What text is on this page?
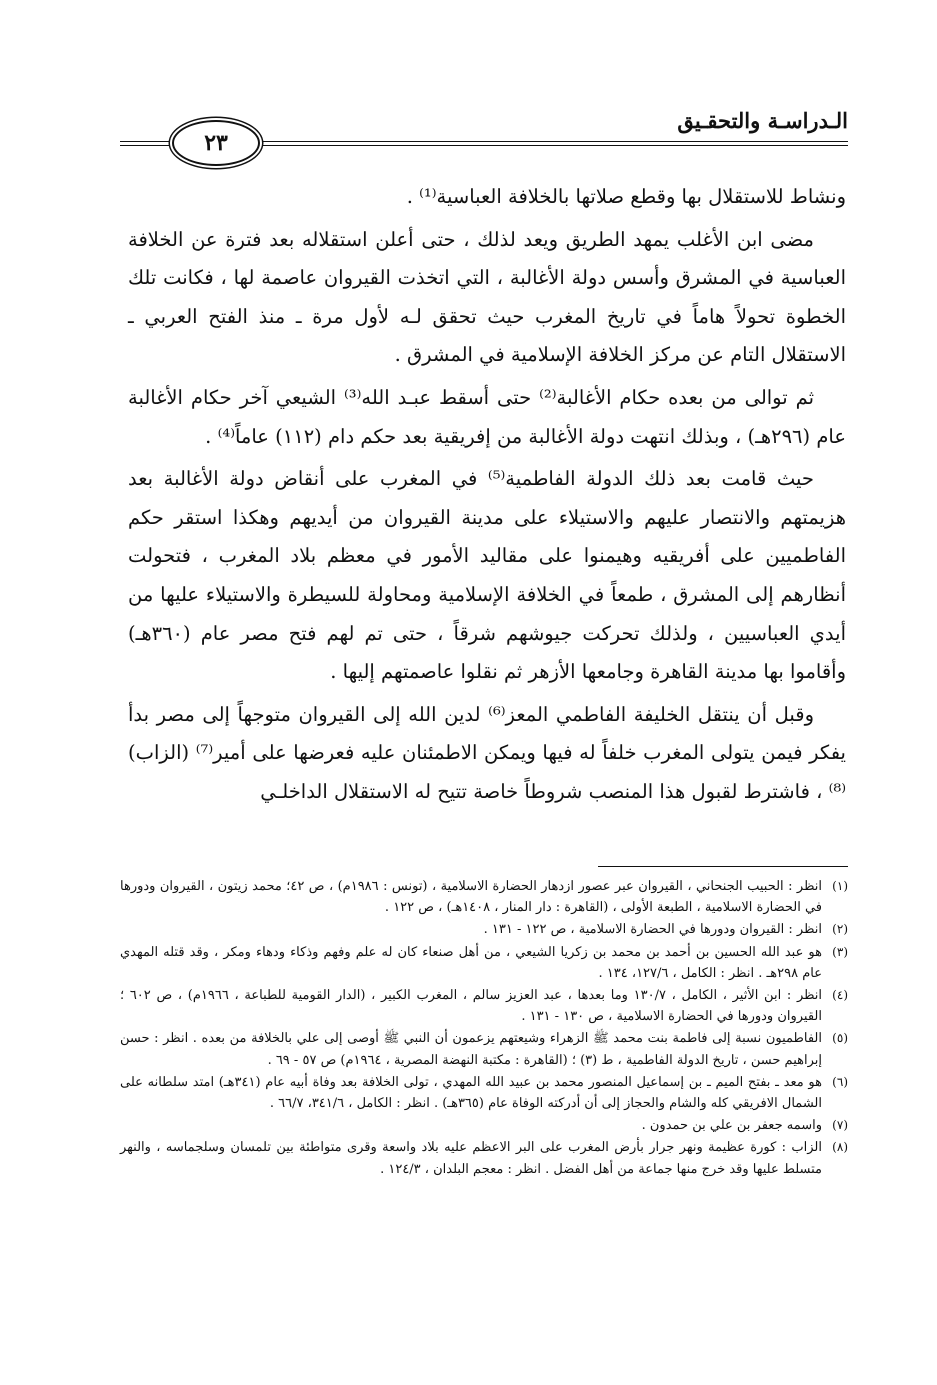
الـدراسـة والتحقـيق
٢٣

ونشاط للاستقلال بها وقطع صلاتها بالخلافة العباسية⁽¹⁾ .

مضى ابن الأغلب يمهد الطريق ويعد لذلك ، حتى أعلن استقلاله بعد فترة عن الخلافة العباسية في المشرق وأسس دولة الأغالبة ، التي اتخذت القيروان عاصمة لها ، فكانت تلك الخطوة تحولاً هاماً في تاريخ المغرب حيث تحقق لـه لأول مرة ـ منذ الفتح العربي ـ الاستقلال التام عن مركز الخلافة الإسلامية في المشرق .

ثم توالى من بعده حكام الأغالبة⁽²⁾ حتى أسقط عبـد الله⁽³⁾ الشيعي آخر حكام الأغالبة عام (٢٩٦هـ) ، وبذلك انتهت دولة الأغالبة من إفريقية بعد حكم دام (١١٢) عاماً⁽⁴⁾ .

حيث قامت بعد ذلك الدولة الفاطمية⁽⁵⁾ في المغرب على أنقاض دولة الأغالبة بعد هزيمتهم والانتصار عليهم والاستيلاء على مدينة القيروان من أيديهم وهكذا استقر حكم الفاطميين على أفريقيه وهيمنوا على مقاليد الأمور في معظم بلاد المغرب ، فتحولت أنظارهم إلى المشرق ، طمعاً في الخلافة الإسلامية ومحاولة للسيطرة والاستيلاء عليها من أيدي العباسيين ، ولذلك تحركت جيوشهم شرقاً ، حتى تم لهم فتح مصر عام (٣٦٠هـ) وأقاموا بها مدينة القاهرة وجامعها الأزهر ثم نقلوا عاصمتهم إليها .

وقبل أن ينتقل الخليفة الفاطمي المعز⁽⁶⁾ لدين الله إلى القيروان متوجهاً إلى مصر بدأ يفكر فيمن يتولى المغرب خلفاً له فيها ويمكن الاطمئنان عليه فعرضها على أمير⁽⁷⁾ (الزاب)⁽⁸⁾ ، فاشترط لقبول هذا المنصب شروطاً خاصة تتيح له الاستقلال الداخلـي

(١)
انظر : الحبيب الجنحاني ، القيروان عبر عصور ازدهار الحضارة الاسلامية ، (تونس : ١٩٨٦م) ، ص ٤٢؛ محمد زيتون ، القيروان ودورها في الحضارة الاسلامية ، الطبعة الأولى ، (القاهرة : دار المنار ، ١٤٠٨هـ) ، ص ١٢٢ .
(٢)
انظر : القيروان ودورها في الحضارة الاسلامية ، ص ١٢٢ - ١٣١ .
(٣)
هو عبد الله الحسين بن أحمد بن محمد بن زكريا الشيعي ، من أهل صنعاء كان له علم وفهم وذكاء ودهاء ومكر ، وقد قتله المهدي عام ٢٩٨هـ . انظر : الكامل ، ١٢٧/٦، ١٣٤ .
(٤)
انظر : ابن الأثير ، الكامل ، ١٣٠/٧ وما بعدها ، عبد العزيز سالم ، المغرب الكبير ، (الدار القومية للطباعة ، ١٩٦٦م) ، ص ٦٠٢ ؛ القيروان ودورها في الحضارة الاسلامية ، ص ١٣٠ - ١٣١ .
(٥)
الفاطميون نسبة إلى فاطمة بنت محمد ﷺ الزهراء وشيعتهم يزعمون أن النبي ﷺ أوصى إلى علي بالخلافة من بعده . انظر : حسن إبراهيم حسن ، تاريخ الدولة الفاطمية ، ط (٣) ؛ (القاهرة : مكتبة النهضة المصرية ، ١٩٦٤م) ص ٥٧ - ٦٩ .
(٦)
هو معد ـ بفتح الميم ـ بن إسماعيل المنصور محمد بن عبيد الله المهدي ، تولى الخلافة بعد وفاة أبيه عام (٣٤١هـ) امتد سلطانه على الشمال الافريقي كله والشام والحجاز إلى أن أدركته الوفاة عام (٣٦٥هـ) . انظر : الكامل ، ٣٤١/٦، ٦٦/٧ .
(٧)
واسمه جعفر بن علي بن حمدون .
(٨)
الزاب : كورة عظيمة ونهر جرار بأرض المغرب على البر الاعظم عليه بلاد واسعة وقرى متواطئة بين تلمسان وسلجماسه ، والنهر متسلط عليها وقد خرج منها جماعة من أهل الفضل . انظر : معجم البلدان ، ١٢٤/٣ .
